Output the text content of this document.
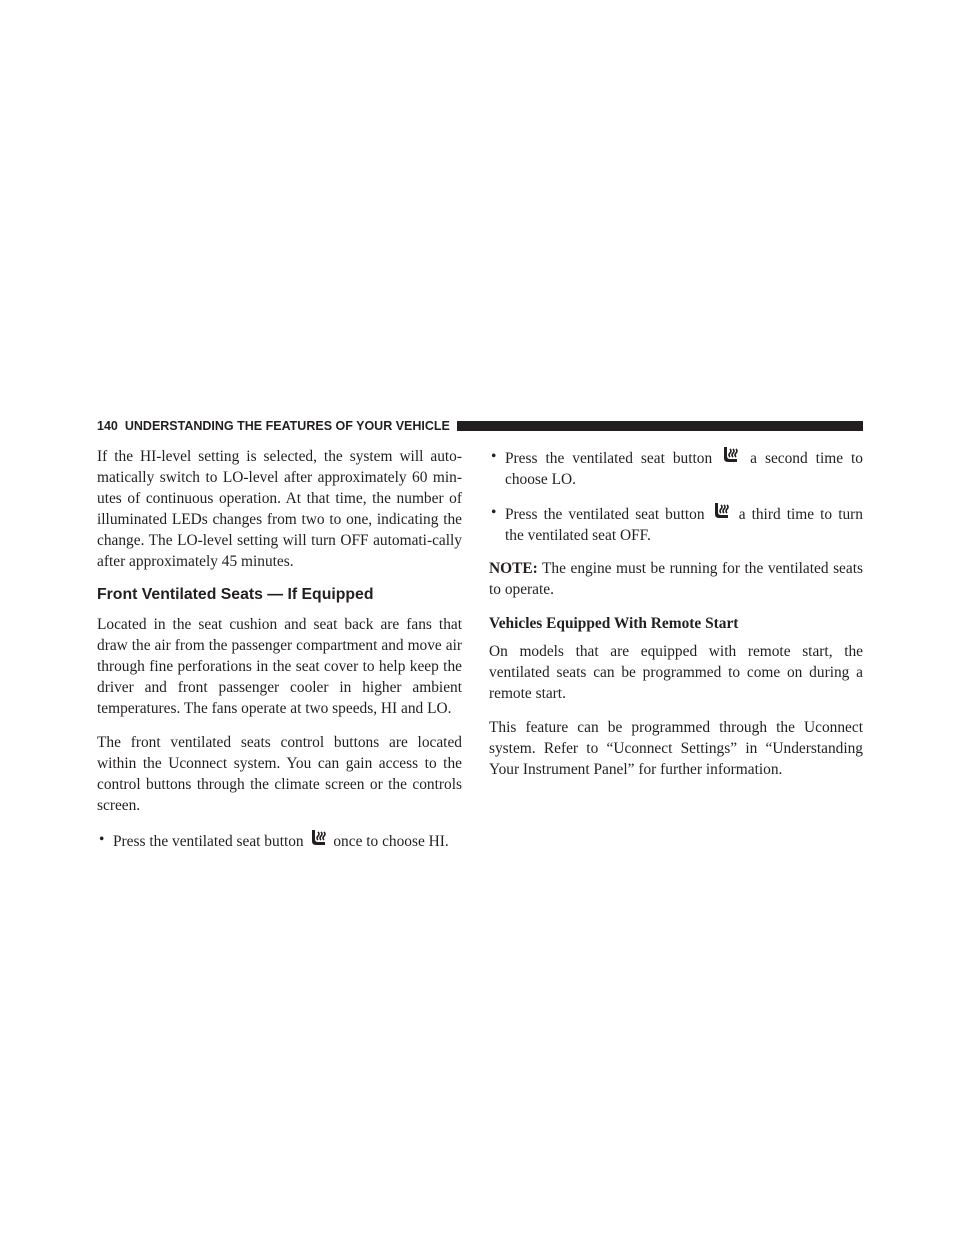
140 UNDERSTANDING THE FEATURES OF YOUR VEHICLE

If the HI-level setting is selected, the system will auto-matically switch to LO-level after approximately 60 min-utes of continuous operation. At that time, the number of illuminated LEDs changes from two to one, indicating the change. The LO-level setting will turn OFF automati-cally after approximately 45 minutes.

Front Ventilated Seats — If Equipped

Located in the seat cushion and seat back are fans that draw the air from the passenger compartment and move air through fine perforations in the seat cover to help keep the driver and front passenger cooler in higher ambient temperatures. The fans operate at two speeds, HI and LO.

The front ventilated seats control buttons are located within the Uconnect system. You can gain access to the control buttons through the climate screen or the controls screen.

• Press the ventilated seat button once to choose HI.
• Press the ventilated seat button a second time to choose LO.
• Press the ventilated seat button a third time to turn the ventilated seat OFF.

NOTE: The engine must be running for the ventilated seats to operate.

Vehicles Equipped With Remote Start

On models that are equipped with remote start, the ventilated seats can be programmed to come on during a remote start.

This feature can be programmed through the Uconnect system. Refer to “Uconnect Settings” in “Understanding Your Instrument Panel” for further information.
